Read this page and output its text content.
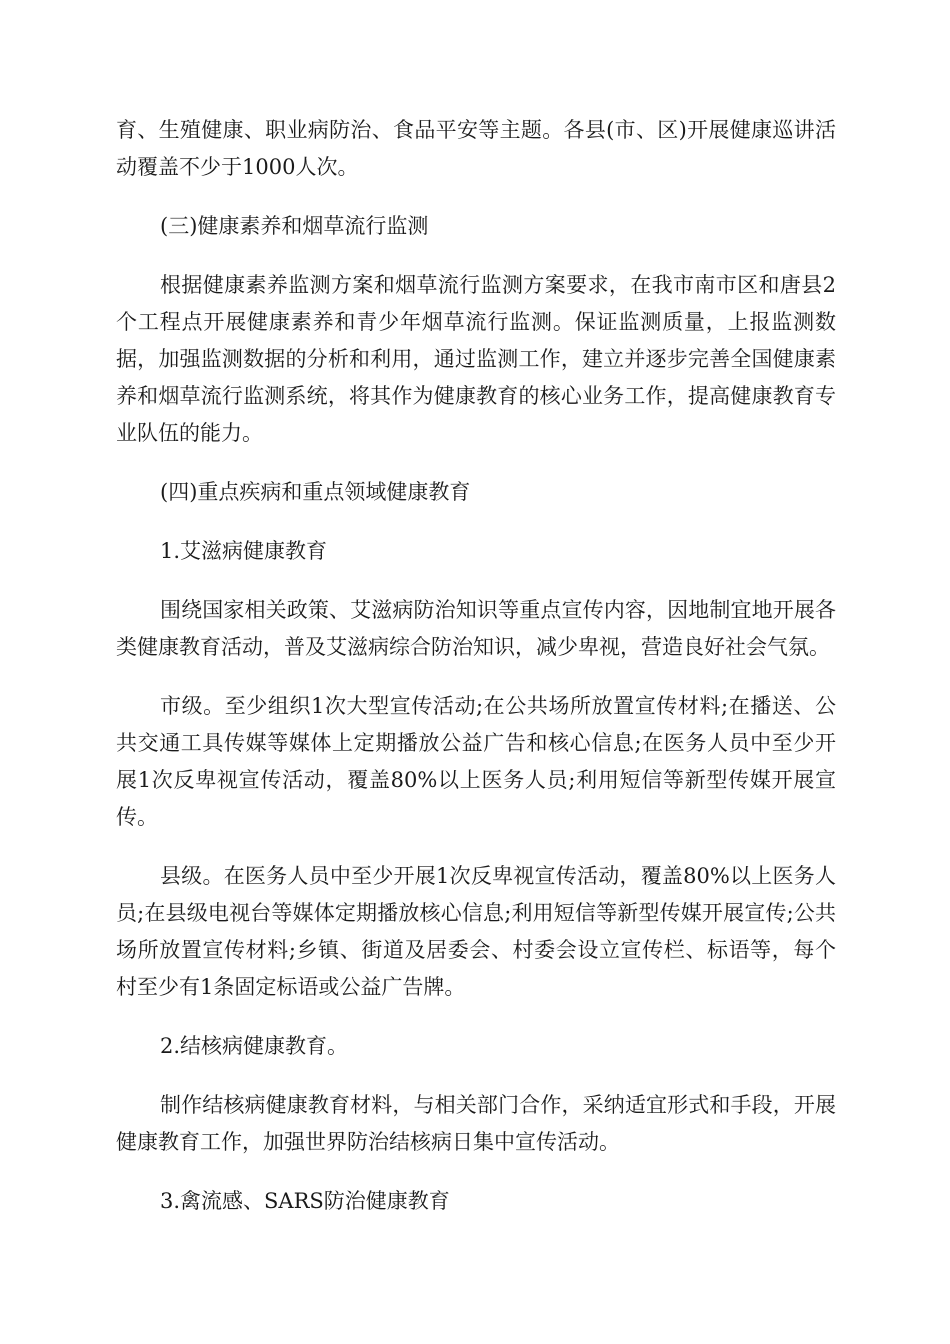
育、生殖健康、职业病防治、食品平安等主题。各县(市、区)开展健康巡讲活动覆盖不少于1000人次。

(三)健康素养和烟草流行监测

根据健康素养监测方案和烟草流行监测方案要求，在我市南市区和唐县2个工程点开展健康素养和青少年烟草流行监测。保证监测质量，上报监测数据，加强监测数据的分析和利用，通过监测工作，建立并逐步完善全国健康素养和烟草流行监测系统，将其作为健康教育的核心业务工作，提高健康教育专业队伍的能力。

(四)重点疾病和重点领域健康教育

1.艾滋病健康教育

围绕国家相关政策、艾滋病防治知识等重点宣传内容，因地制宜地开展各类健康教育活动，普及艾滋病综合防治知识，减少卑视，营造良好社会气氛。

市级。至少组织1次大型宣传活动;在公共场所放置宣传材料;在播送、公共交通工具传媒等媒体上定期播放公益广告和核心信息;在医务人员中至少开展1次反卑视宣传活动，覆盖80%以上医务人员;利用短信等新型传媒开展宣传。

县级。在医务人员中至少开展1次反卑视宣传活动，覆盖80%以上医务人员;在县级电视台等媒体定期播放核心信息;利用短信等新型传媒开展宣传;公共场所放置宣传材料;乡镇、街道及居委会、村委会设立宣传栏、标语等，每个村至少有1条固定标语或公益广告牌。

2.结核病健康教育。

制作结核病健康教育材料，与相关部门合作，采纳适宜形式和手段，开展健康教育工作，加强世界防治结核病日集中宣传活动。

3.禽流感、SARS防治健康教育
